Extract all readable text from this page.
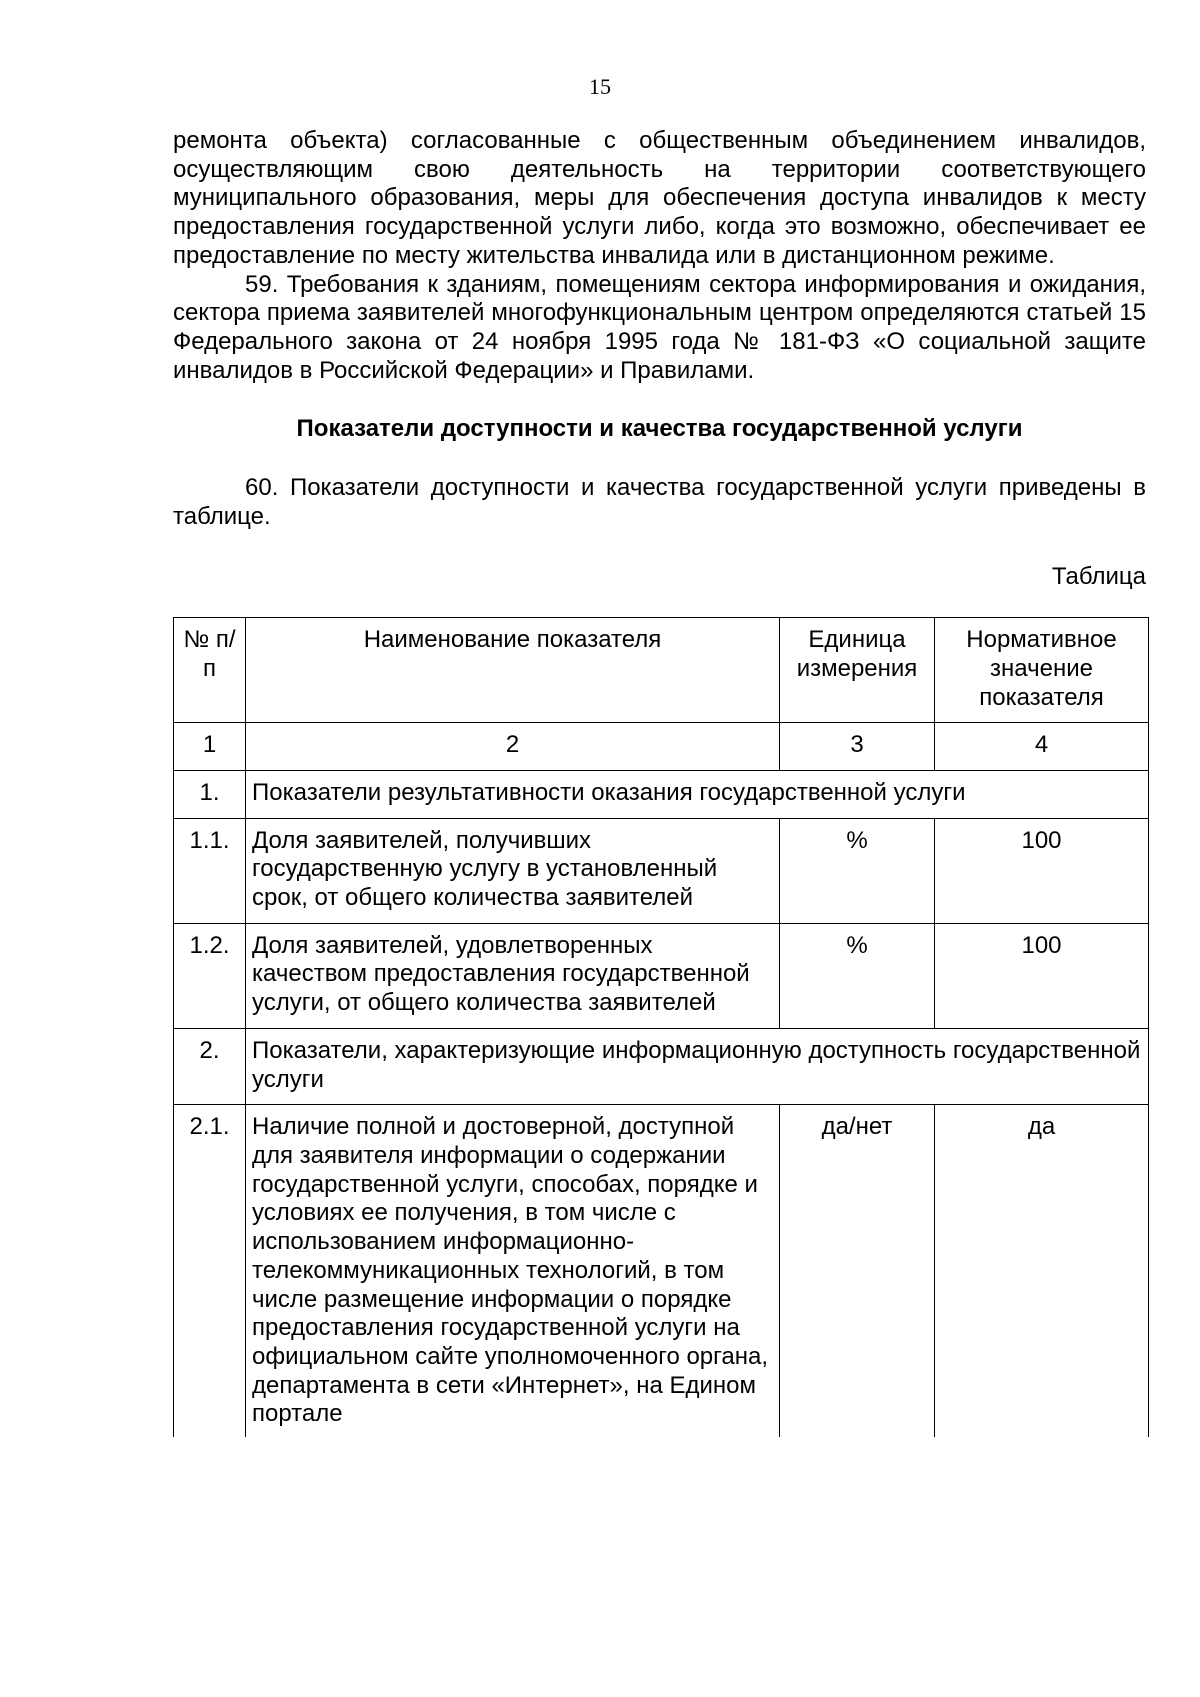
15

ремонта объекта) согласованные с общественным объединением инвалидов, осуществляющим свою деятельность на территории соответствующего муниципального образования, меры для обеспечения доступа инвалидов к месту предоставления государственной услуги либо, когда это возможно, обеспечивает ее предоставление по месту жительства инвалида или в дистанционном режиме.

59. Требования к зданиям, помещениям сектора информирования и ожидания, сектора приема заявителей многофункциональным центром определяются статьей 15 Федерального закона от 24 ноября 1995 года № 181-ФЗ «О социальной защите инвалидов в Российской Федерации» и Правилами.

Показатели доступности и качества государственной услуги

60. Показатели доступности и качества государственной услуги приведены в таблице.

Таблица
№ п/п	Наименование показателя	Единица измерения	Нормативное значение показателя
1	2	3	4
1.	Показатели результативности оказания государственной услуги		
1.1.	Доля заявителей, получивших государственную услугу в установленный срок, от общего количества заявителей	%	100
1.2.	Доля заявителей, удовлетворенных качеством предоставления государственной услуги, от общего количества заявителей	%	100
2.	Показатели, характеризующие информационную доступность государственной услуги		
2.1.	Наличие полной и достоверной, доступной для заявителя информации о содержании государственной услуги, способах, порядке и условиях ее получения, в том числе с использованием информационно-телекоммуникационных технологий, в том числе размещение информации о порядке предоставления государственной услуги на официальном сайте уполномоченного органа, департамента в сети «Интернет», на Едином портале	да/нет	да
